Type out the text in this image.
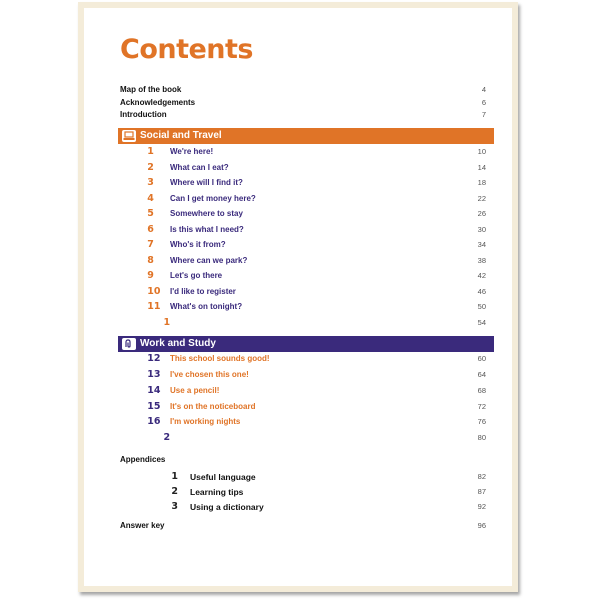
Contents
Map of the book	4
Acknowledgements	6
Introduction	7
Social and Travel
Unit1 We're here!	10
Unit2 What can I eat?	14
Unit3 Where will I find it?	18
Unit4 Can I get money here?	22
Unit5 Somewhere to stay	26
Unit6 Is this what I need?	30
Unit7 Who's it from?	34
Unit8 Where can we park?	38
Unit9 Let's go there	42
Unit10 I'd like to register	46
Unit11 What's on tonight?	50
Review1	54
Work and Study
Unit12 This school sounds good!	60
Unit13 I've chosen this one!	64
Unit14 Use a pencil!	68
Unit15 It's on the noticeboard	72
Unit16 I'm working nights	76
Review2	80
Appendices
Appendix1 Useful language	82
Appendix2 Learning tips	87
Appendix3 Using a dictionary	92
Answer key	96
